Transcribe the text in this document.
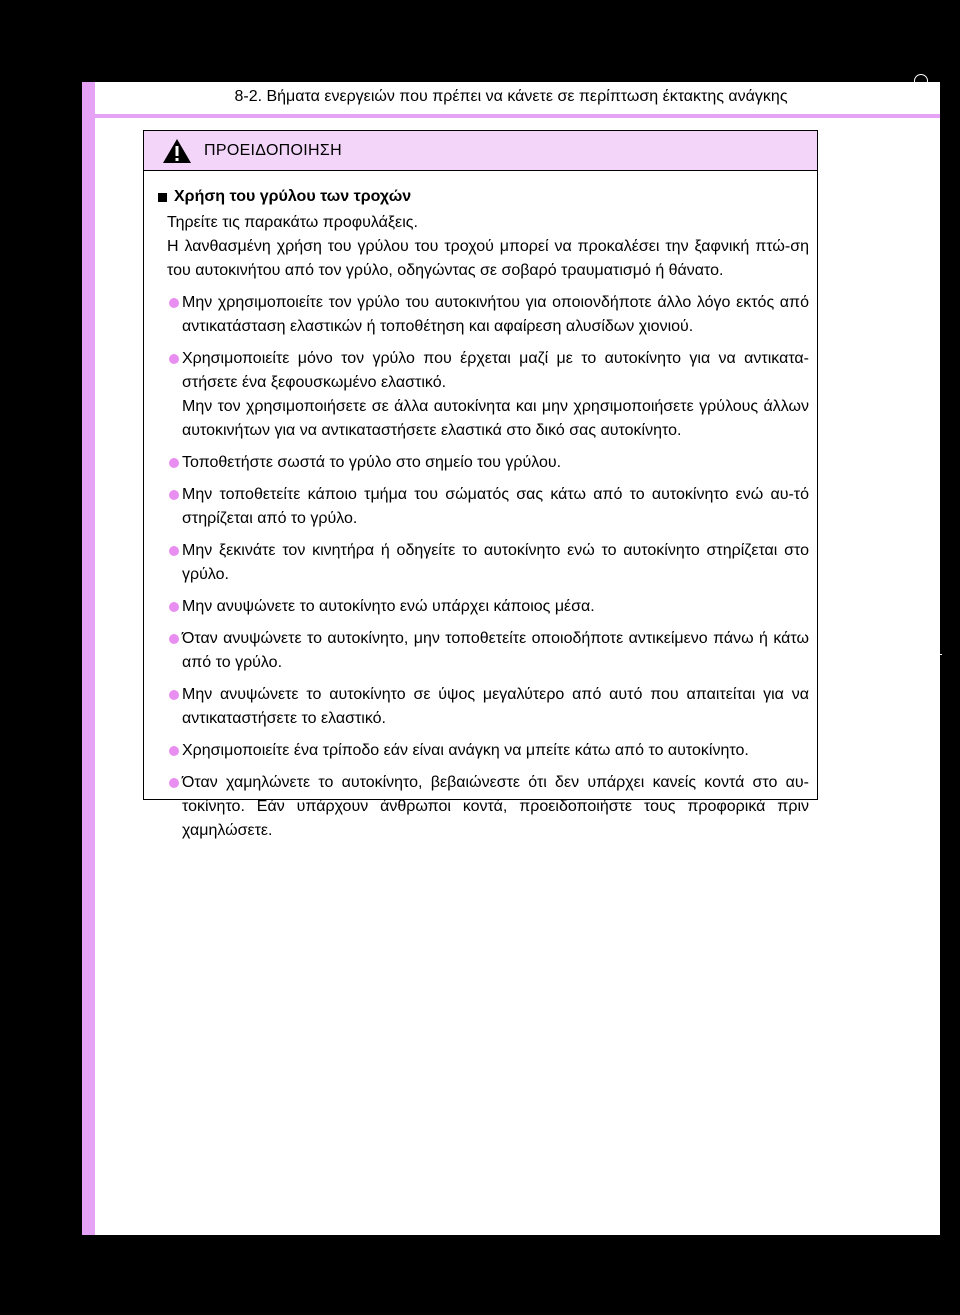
8-2. Βήματα ενεργειών που πρέπει να κάνετε σε περίπτωση έκτακτης ανάγκης
ΠΡΟΕΙΔΟΠΟΙΗΣΗ
Χρήση του γρύλου των τροχών

Τηρείτε τις παρακάτω προφυλάξεις.

Η λανθασμένη χρήση του γρύλου του τροχού μπορεί να προκαλέσει την ξαφνική πτώ-ση του αυτοκινήτου από τον γρύλο, οδηγώντας σε σοβαρό τραυματισμό ή θάνατο.

Μην χρησιμοποιείτε τον γρύλο του αυτοκινήτου για οποιονδήποτε άλλο λόγο εκτός από αντικατάσταση ελαστικών ή τοποθέτηση και αφαίρεση αλυσίδων χιονιού.

Χρησιμοποιείτε μόνο τον γρύλο που έρχεται μαζί με το αυτοκίνητο για να αντικατα-στήσετε ένα ξεφουσκωμένο ελαστικό.

Μην τον χρησιμοποιήσετε σε άλλα αυτοκίνητα και μην χρησιμοποιήσετε γρύλους άλλων αυτοκινήτων για να αντικαταστήσετε ελαστικά στο δικό σας αυτοκίνητο.

Τοποθετήστε σωστά το γρύλο στο σημείο του γρύλου.

Μην τοποθετείτε κάποιο τμήμα του σώματός σας κάτω από το αυτοκίνητο ενώ αυ-τό στηρίζεται από το γρύλο.

Μην ξεκινάτε τον κινητήρα ή οδηγείτε το αυτοκίνητο ενώ το αυτοκίνητο στηρίζεται στο γρύλο.

Μην ανυψώνετε το αυτοκίνητο ενώ υπάρχει κάποιος μέσα.

Όταν ανυψώνετε το αυτοκίνητο, μην τοποθετείτε οποιοδήποτε αντικείμενο πάνω ή κάτω από το γρύλο.

Μην ανυψώνετε το αυτοκίνητο σε ύψος μεγαλύτερο από αυτό που απαιτείται για να αντικαταστήσετε το ελαστικό.

Χρησιμοποιείτε ένα τρίποδο εάν είναι ανάγκη να μπείτε κάτω από το αυτοκίνητο.

Όταν χαμηλώνετε το αυτοκίνητο, βεβαιώνεστε ότι δεν υπάρχει κανείς κοντά στο αυ-τοκίνητο. Εάν υπάρχουν άνθρωποι κοντά, προειδοποιήστε τους προφορικά πριν χαμηλώσετε.
